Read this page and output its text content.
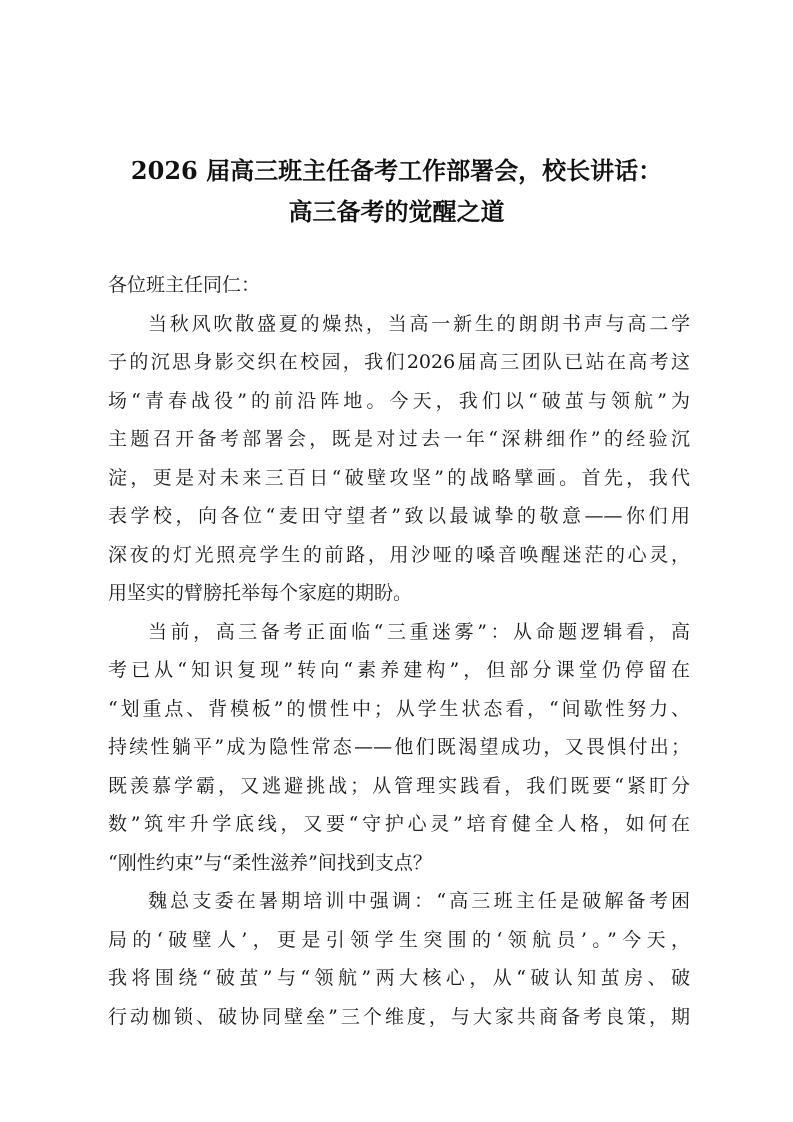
2026 届高三班主任备考工作部署会，校长讲话：
高三备考的觉醒之道
各位班主任同仁：
当秋风吹散盛夏的燥热，当高一新生的朗朗书声与高二学
子的沉思身影交织在校园，我们2026届高三团队已站在高考这
场“青春战役”的前沿阵地。今天，我们以“破茧与领航”为
主题召开备考部署会，既是对过去一年“深耕细作”的经验沉
淀，更是对未来三百日“破壁攻坚”的战略擘画。首先，我代
表学校，向各位“麦田守望者”致以最诚挚的敬意——你们用
深夜的灯光照亮学生的前路，用沙哑的嗓音唤醒迷茫的心灵，
用坚实的臂膀托举每个家庭的期盼。
当前，高三备考正面临“三重迷雾”：从命题逻辑看，高
考已从“知识复现”转向“素养建构”，但部分课堂仍停留在
“划重点、背模板”的惯性中；从学生状态看，“间歇性努力、
持续性躺平”成为隐性常态——他们既渴望成功，又畏惧付出；
既羡慕学霸，又逃避挑战；从管理实践看，我们既要“紧盯分
数”筑牢升学底线，又要“守护心灵”培育健全人格，如何在
“刚性约束”与“柔性滋养”间找到支点？
魏总支委在暑期培训中强调：“高三班主任是破解备考困
局的‘破壁人’，更是引领学生突围的‘领航员’。”今天，
我将围绕“破茧”与“领航”两大核心，从“破认知茧房、破
行动枷锁、破协同壁垒”三个维度，与大家共商备考良策，期
